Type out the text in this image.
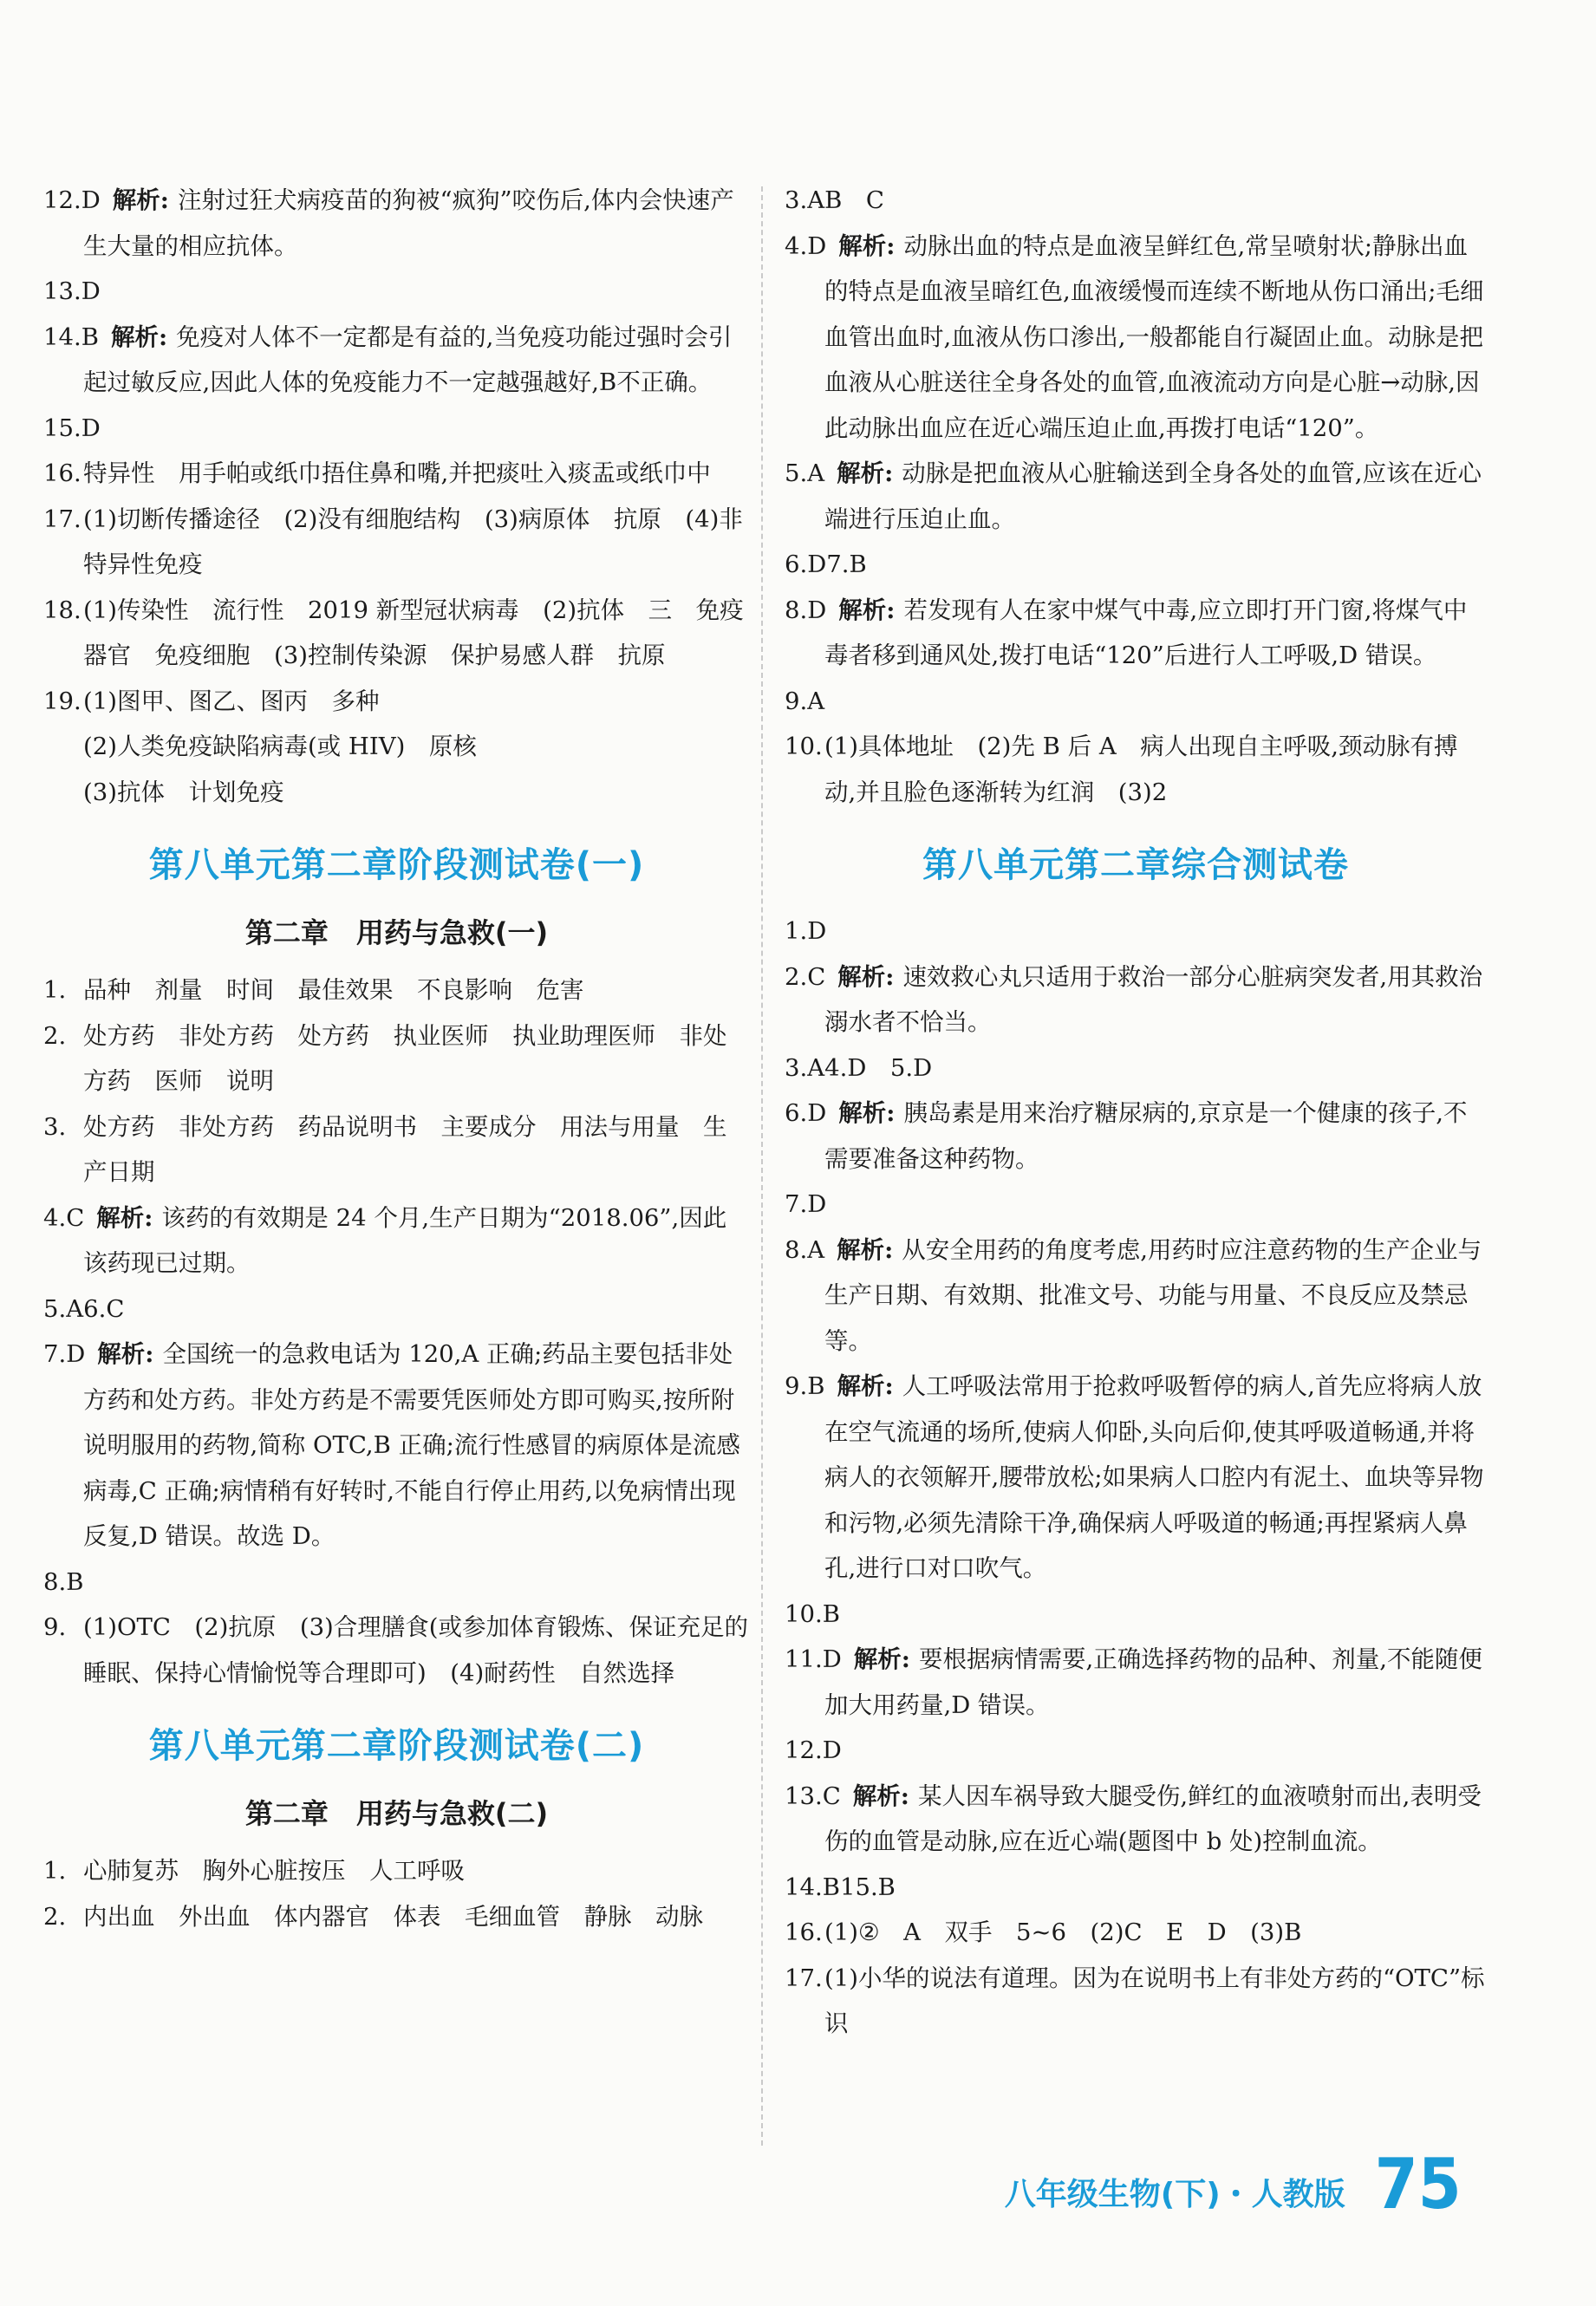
12.D 解析: 注射过狂犬病疫苗的狗被“疯狗”咬伤后,体内会快速产生大量的相应抗体。

13.D

14.B 解析: 免疫对人体不一定都是有益的,当免疫功能过强时会引起过敏反应,因此人体的免疫能力不一定越强越好,B不正确。

15.D

16.特异性　用手帕或纸巾捂住鼻和嘴,并把痰吐入痰盂或纸巾中

17.(1)切断传播途径　(2)没有细胞结构　(3)病原体　抗原　(4)非特异性免疫

18.(1)传染性　流行性　2019 新型冠状病毒　(2)抗体　三　免疫器官　免疫细胞　(3)控制传染源　保护易感人群　抗原

19.(1)图甲、图乙、图丙　多种

(2)人类免疫缺陷病毒(或 HIV)　原核

(3)抗体　计划免疫

第八单元第二章阶段测试卷(一)
第二章　用药与急救(一)

1. 品种　剂量　时间　最佳效果　不良影响　危害

2. 处方药　非处方药　处方药　执业医师　执业助理医师　非处方药　医师　说明

3. 处方药　非处方药　药品说明书　主要成分　用法与用量　生产日期

4.C 解析: 该药的有效期是 24 个月,生产日期为“2018.06”,因此该药现已过期。

5.A6.C

7.D 解析: 全国统一的急救电话为 120,A 正确;药品主要包括非处方药和处方药。非处方药是不需要凭医师处方即可购买,按所附说明服用的药物,简称 OTC,B 正确;流行性感冒的病原体是流感病毒,C 正确;病情稍有好转时,不能自行停止用药,以免病情出现反复,D 错误。故选 D。

8.B

9. (1)OTC　(2)抗原　(3)合理膳食(或参加体育锻炼、保证充足的睡眠、保持心情愉悦等合理即可)　(4)耐药性　自然选择

第八单元第二章阶段测试卷(二)
第二章　用药与急救(二)

1. 心肺复苏　胸外心脏按压　人工呼吸

2. 内出血　外出血　体内器官　体表　毛细血管　静脉　动脉

3.AB　C

4.D 解析: 动脉出血的特点是血液呈鲜红色,常呈喷射状;静脉出血的特点是血液呈暗红色,血液缓慢而连续不断地从伤口涌出;毛细血管出血时,血液从伤口渗出,一般都能自行凝固止血。动脉是把血液从心脏送往全身各处的血管,血液流动方向是心脏→动脉,因此动脉出血应在近心端压迫止血,再拨打电话“120”。

5.A 解析: 动脉是把血液从心脏输送到全身各处的血管,应该在近心端进行压迫止血。

6.D7.B

8.D 解析: 若发现有人在家中煤气中毒,应立即打开门窗,将煤气中毒者移到通风处,拨打电话“120”后进行人工呼吸,D 错误。

9.A

10.(1)具体地址　(2)先 B 后 A　病人出现自主呼吸,颈动脉有搏动,并且脸色逐渐转为红润　(3)2

第八单元第二章综合测试卷

1.D

2.C 解析: 速效救心丸只适用于救治一部分心脏病突发者,用其救治溺水者不恰当。

3.A4.D　5.D

6.D 解析: 胰岛素是用来治疗糖尿病的,京京是一个健康的孩子,不需要准备这种药物。

7.D

8.A 解析: 从安全用药的角度考虑,用药时应注意药物的生产企业与生产日期、有效期、批准文号、功能与用量、不良反应及禁忌等。

9.B 解析: 人工呼吸法常用于抢救呼吸暂停的病人,首先应将病人放在空气流通的场所,使病人仰卧,头向后仰,使其呼吸道畅通,并将病人的衣领解开,腰带放松;如果病人口腔内有泥土、血块等异物和污物,必须先清除干净,确保病人呼吸道的畅通;再捏紧病人鼻孔,进行口对口吹气。

10.B

11.D 解析: 要根据病情需要,正确选择药物的品种、剂量,不能随便加大用药量,D 错误。

12.D

13.C 解析: 某人因车祸导致大腿受伤,鲜红的血液喷射而出,表明受伤的血管是动脉,应在近心端(题图中 b 处)控制血流。

14.B15.B

16.(1)②　A　双手　5~6　(2)C　E　D　(3)B

17.(1)小华的说法有道理。因为在说明书上有非处方药的“OTC”标识

八年级生物(下)・人教版 75
